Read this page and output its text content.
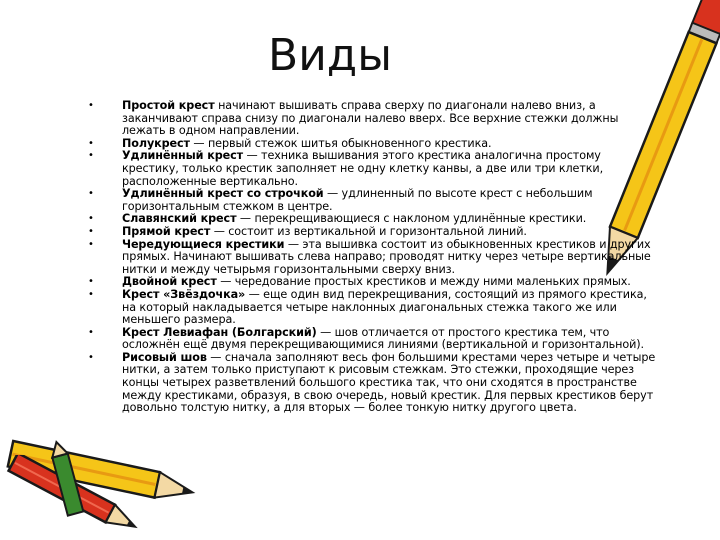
Виды
• Простой крест начинают вышивать справа сверху по диагонали налево вниз, а заканчивают справа снизу по диагонали налево вверх. Все верхние стежки должны лежать в одном направлении.
• Полукрест — первый стежок шитья обыкновенного крестика.
• Удлинённый крест — техника вышивания этого крестика аналогична простому крестику, только крестик заполняет не одну клетку канвы, а две или три клетки, расположенные вертикально.
• Удлинённый крест со строчкой — удлиненный по высоте крест с небольшим горизонтальным стежком в центре.
• Славянский крест — перекрещивающиеся с наклоном удлинённые крестики.
• Прямой крест — состоит из вертикальной и горизонтальной линий.
• Чередующиеся крестики — эта вышивка состоит из обыкновенных крестиков и других прямых. Начинают вышивать слева направо; проводят нитку через четыре вертикальные нитки и между четырьмя горизонтальными сверху вниз.
• Двойной крест — чередование простых крестиков и между ними маленьких прямых.
• Крест «Звёздочка» — еще один вид перекрещивания, состоящий из прямого крестика, на который накладывается четыре наклонных диагональных стежка такого же или меньшего размера.
• Крест Левиафан (Болгарский) — шов отличается от простого крестика тем, что осложнён ещё двумя перекрещивающимися линиями (вертикальной и горизонтальной).
• Рисовый шов — сначала заполняют весь фон большими крестами через четыре и четыре нитки, а затем только приступают к рисовым стежкам. Это стежки, проходящие через концы четырех разветвлений большого крестика так, что они сходятся в пространстве между крестиками, образуя, в свою очередь, новый крестик. Для первых крестиков берут довольно толстую нитку, а для вторых — более тонкую нитку другого цвета.
